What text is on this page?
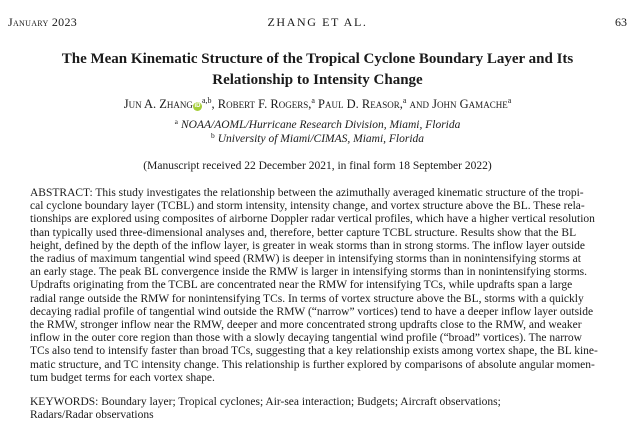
January 2023	ZHANG ET AL.	63
The Mean Kinematic Structure of the Tropical Cyclone Boundary Layer and Its
Relationship to Intensity Change
Jun A. Zhang iD$^{a,b}$, Robert F. Rogers,$^a$ Paul D. Reasor,$^a$ and John Gamache$^a$
$^a$ NOAA/AOML/Hurricane Research Division, Miami, Florida
$^b$ University of Miami/CIMAS, Miami, Florida
(Manuscript received 22 December 2021, in final form 18 September 2022)
ABSTRACT: This study investigates the relationship between the azimuthally averaged kinematic structure of the tropi-
cal cyclone boundary layer (TCBL) and storm intensity, intensity change, and vortex structure above the BL. These rela-
tionships are explored using composites of airborne Doppler radar vertical profiles, which have a higher vertical resolution
than typically used three-dimensional analyses and, therefore, better capture TCBL structure. Results show that the BL
height, defined by the depth of the inflow layer, is greater in weak storms than in strong storms. The inflow layer outside
the radius of maximum tangential wind speed (RMW) is deeper in intensifying storms than in nonintensifying storms at
an early stage. The peak BL convergence inside the RMW is larger in intensifying storms than in nonintensifying storms.
Updrafts originating from the TCBL are concentrated near the RMW for intensifying TCs, while updrafts span a large
radial range outside the RMW for nonintensifying TCs. In terms of vortex structure above the BL, storms with a quickly
decaying radial profile of tangential wind outside the RMW (“narrow” vortices) tend to have a deeper inflow layer outside
the RMW, stronger inflow near the RMW, deeper and more concentrated strong updrafts close to the RMW, and weaker
inflow in the outer core region than those with a slowly decaying tangential wind profile (“broad” vortices). The narrow
TCs also tend to intensify faster than broad TCs, suggesting that a key relationship exists among vortex shape, the BL kine-
matic structure, and TC intensity change. This relationship is further explored by comparisons of absolute angular momen-
tum budget terms for each vortex shape.
KEYWORDS: Boundary layer; Tropical cyclones; Air-sea interaction; Budgets; Aircraft observations;
Radars/Radar observations
